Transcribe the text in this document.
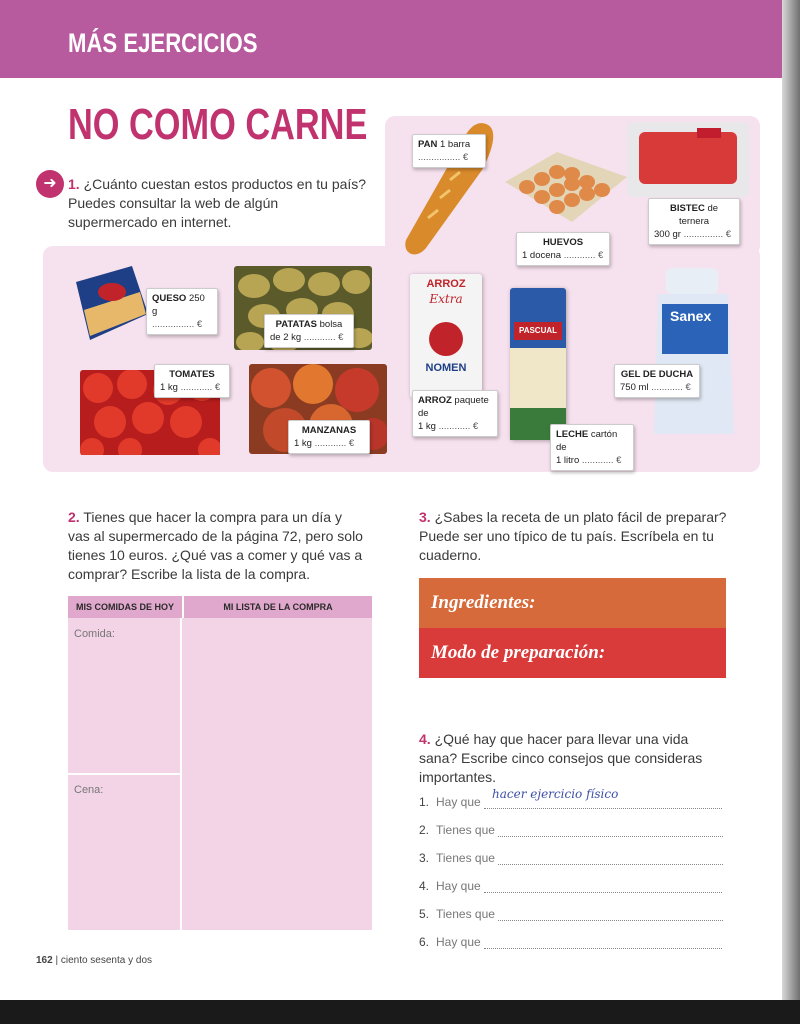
MÁS EJERCICIOS
NO COMO CARNE
➜ 1. ¿Cuánto cuestan estos productos en tu país?
Puedes consultar la web de algún
supermercado en internet.
ARROZ
Extra
NOMEN
PASCUAL
Sanex
PAN 1 barra
................ €
HUEVOS
1 docena ............ €
BISTEC de ternera
300 gr ............... €
QUESO 250 g
................ €	PATATAS bolsa
de 2 kg ............ €
TOMATES
1 kg ............ €
MANZANAS
1 kg ............ €
ARROZ paquete de
1 kg ............ €
LECHE cartón de
1 litro ............ €
GEL DE DUCHA
750 ml ............ €
2. Tienes que hacer la compra para un día y
vas al supermercado de la página 72, pero solo
tienes 10 euros. ¿Qué vas a comer y qué vas a
comprar? Escribe la lista de la compra.
MIS COMIDAS DE HOY	MI LISTA DE LA COMPRA
Comida:
Cena:
3. ¿Sabes la receta de un plato fácil de preparar?
Puede ser uno típico de tu país. Escríbela en tu
cuaderno.
Ingredientes:
Modo de preparación:
4. ¿Qué hay que hacer para llevar una vida
sana? Escribe cinco consejos que consideras
importantes.
1. Hay que
2. Tienes que
3. Tienes que
4. Hay que
5. Tienes que
6. Hay que
hacer ejercicio físico
162 | ciento sesenta y dos
